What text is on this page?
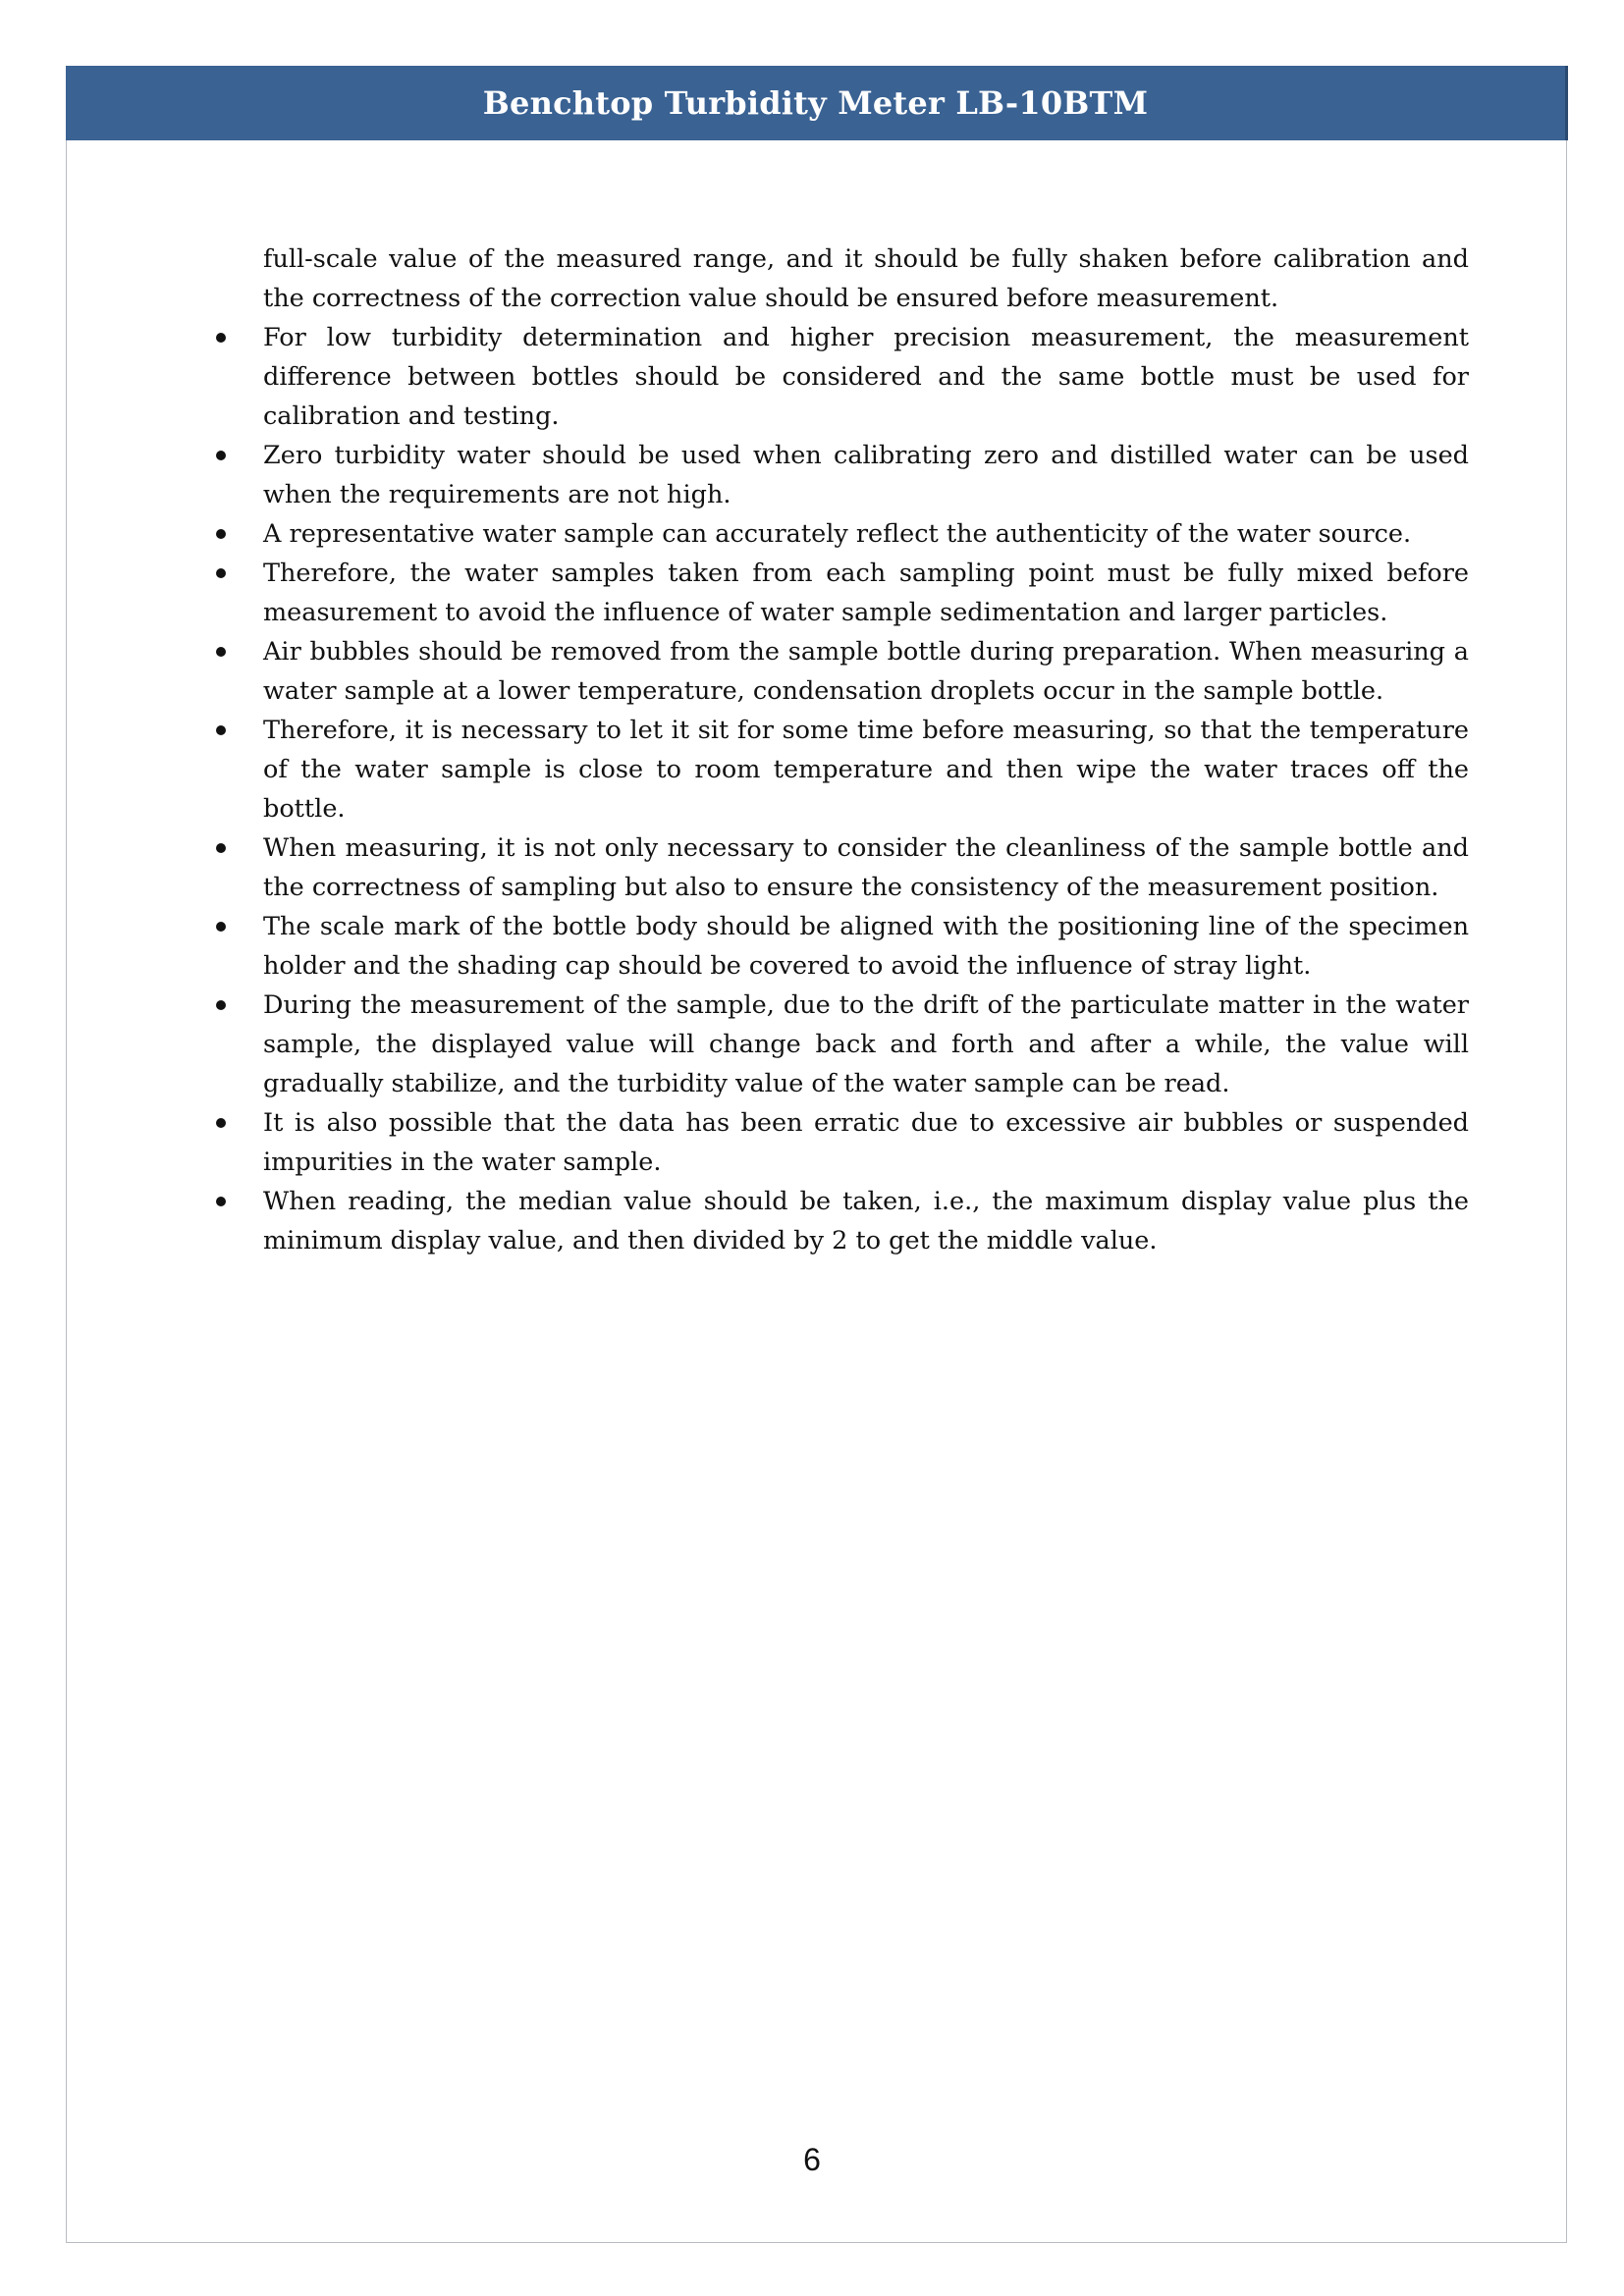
Benchtop Turbidity Meter LB-10BTM

full-scale value of the measured range, and it should be fully shaken before calibration and the correctness of the correction value should be ensured before measurement.

For low turbidity determination and higher precision measurement, the measurement difference between bottles should be considered and the same bottle must be used for calibration and testing.
Zero turbidity water should be used when calibrating zero and distilled water can be used when the requirements are not high.
A representative water sample can accurately reflect the authenticity of the water source.
Therefore, the water samples taken from each sampling point must be fully mixed before measurement to avoid the influence of water sample sedimentation and larger particles.
Air bubbles should be removed from the sample bottle during preparation. When measuring a water sample at a lower temperature, condensation droplets occur in the sample bottle.
Therefore, it is necessary to let it sit for some time before measuring, so that the temperature of the water sample is close to room temperature and then wipe the water traces off the bottle.
When measuring, it is not only necessary to consider the cleanliness of the sample bottle and the correctness of sampling but also to ensure the consistency of the measurement position.
The scale mark of the bottle body should be aligned with the positioning line of the specimen holder and the shading cap should be covered to avoid the influence of stray light.
During the measurement of the sample, due to the drift of the particulate matter in the water sample, the displayed value will change back and forth and after a while, the value will gradually stabilize, and the turbidity value of the water sample can be read.
It is also possible that the data has been erratic due to excessive air bubbles or suspended impurities in the water sample.
When reading, the median value should be taken, i.e., the maximum display value plus the minimum display value, and then divided by 2 to get the middle value.
6
